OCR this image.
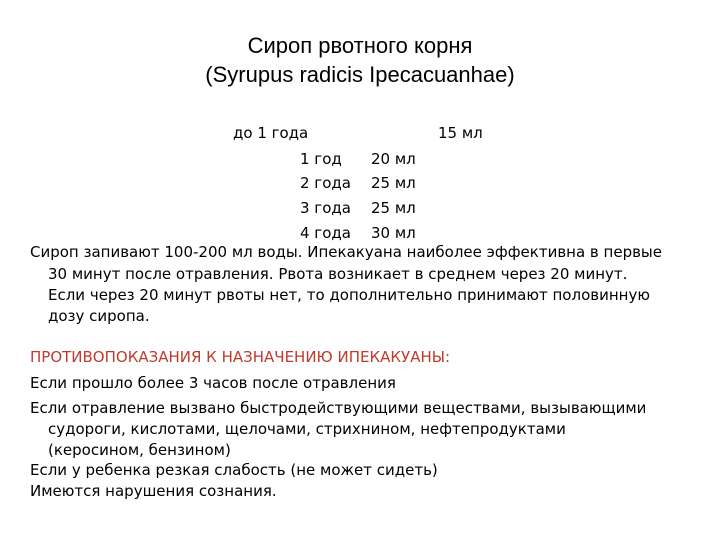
Сироп рвотного корня
(Syrupus radicis Ipecacuanhae)
до 1 года	15 мл
1 год 20 мл
2 года 25 мл
3 года 25 мл
4 года 30 мл
Сироп запивают 100-200 мл воды. Ипекакуана наиболее эффективна в первые
30 минут после отравления. Рвота возникает в среднем через 20 минут.
Если через 20 минут рвоты нет, то дополнительно принимают половинную
дозу сиропа.
ПРОТИВОПОКАЗАНИЯ К НАЗНАЧЕНИЮ ИПЕКАКУАНЫ:
Если прошло более 3 часов после отравления
Если отравление вызвано быстродействующими веществами, вызывающими
судороги, кислотами, щелочами, стрихнином, нефтепродуктами
(керосином, бензином)
Если у ребенка резкая слабость (не может сидеть)
Имеются нарушения сознания.
